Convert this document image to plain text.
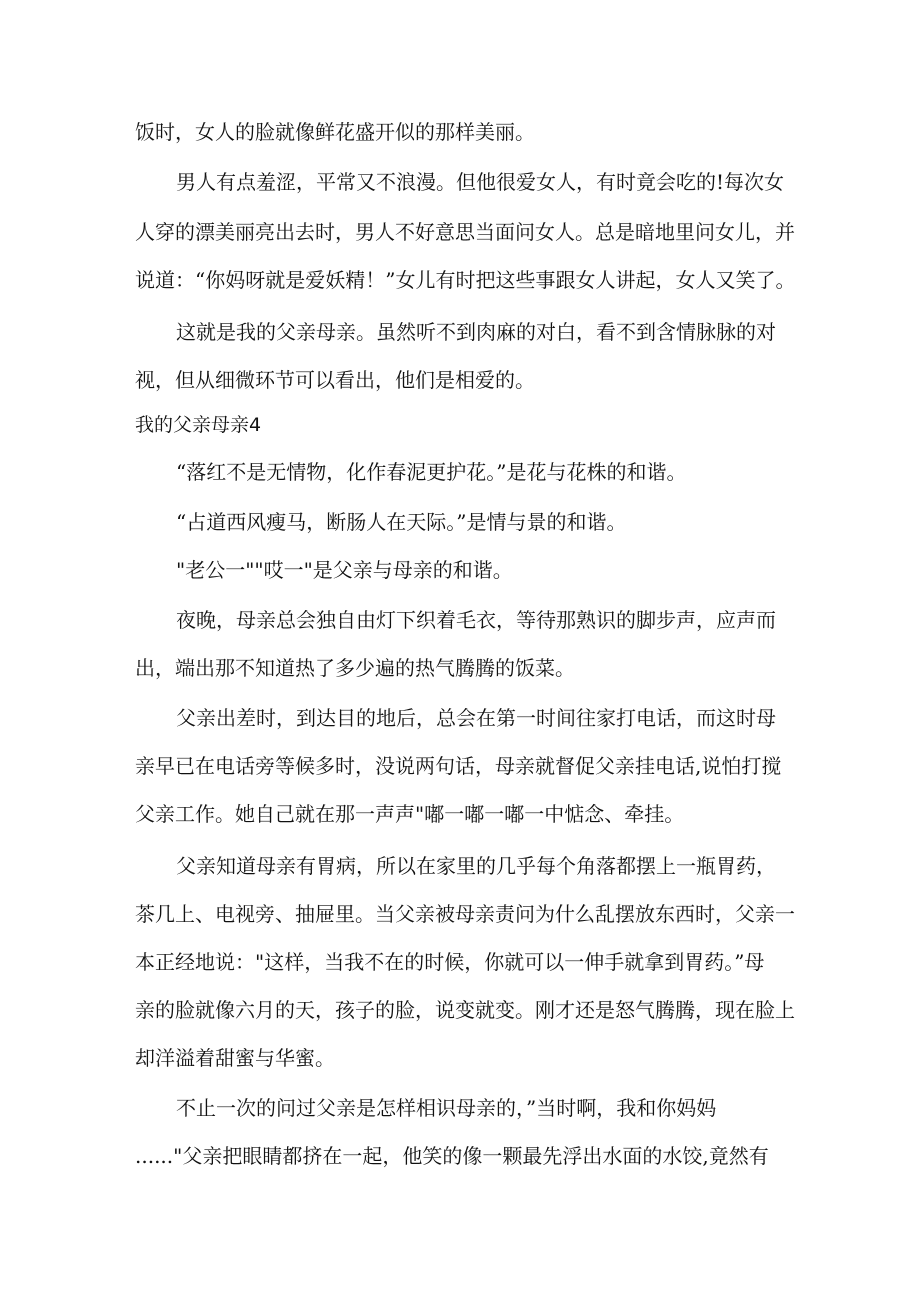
饭时，女人的脸就像鲜花盛开似的那样美丽。
男人有点羞涩，平常又不浪漫。但他很爱女人，有时竟会吃的!每次女
人穿的漂美丽亮出去时，男人不好意思当面问女人。总是暗地里问女儿，并
说道：“你妈呀就是爱妖精！”女儿有时把这些事跟女人讲起，女人又笑了。
这就是我的父亲母亲。虽然听不到肉麻的对白，看不到含情脉脉的对
视，但从细微环节可以看出，他们是相爱的。
我的父亲母亲4
“落红不是无情物，化作春泥更护花。”是花与花株的和谐。
“占道西风瘦马，断肠人在天际。”是情与景的和谐。
"老公一""哎一"是父亲与母亲的和谐。
夜晚，母亲总会独自由灯下织着毛衣，等待那熟识的脚步声，应声而
出，端出那不知道热了多少遍的热气腾腾的饭菜。
父亲出差时，到达目的地后，总会在第一时间往家打电话，而这时母
亲早已在电话旁等候多时，没说两句话，母亲就督促父亲挂电话,说怕打搅
父亲工作。她自己就在那一声声"嘟一嘟一嘟一中惦念、牵挂。
父亲知道母亲有胃病，所以在家里的几乎每个角落都摆上一瓶胃药，
茶几上、电视旁、抽屉里。当父亲被母亲责问为什么乱摆放东西时，父亲一
本正经地说："这样，当我不在的时候，你就可以一伸手就拿到胃药。”母
亲的脸就像六月的天，孩子的脸，说变就变。刚才还是怒气腾腾，现在脸上
却洋溢着甜蜜与华蜜。
不止一次的问过父亲是怎样相识母亲的，”当时啊，我和你妈妈
......"父亲把眼睛都挤在一起，他笑的像一颗最先浮出水面的水饺,竟然有
